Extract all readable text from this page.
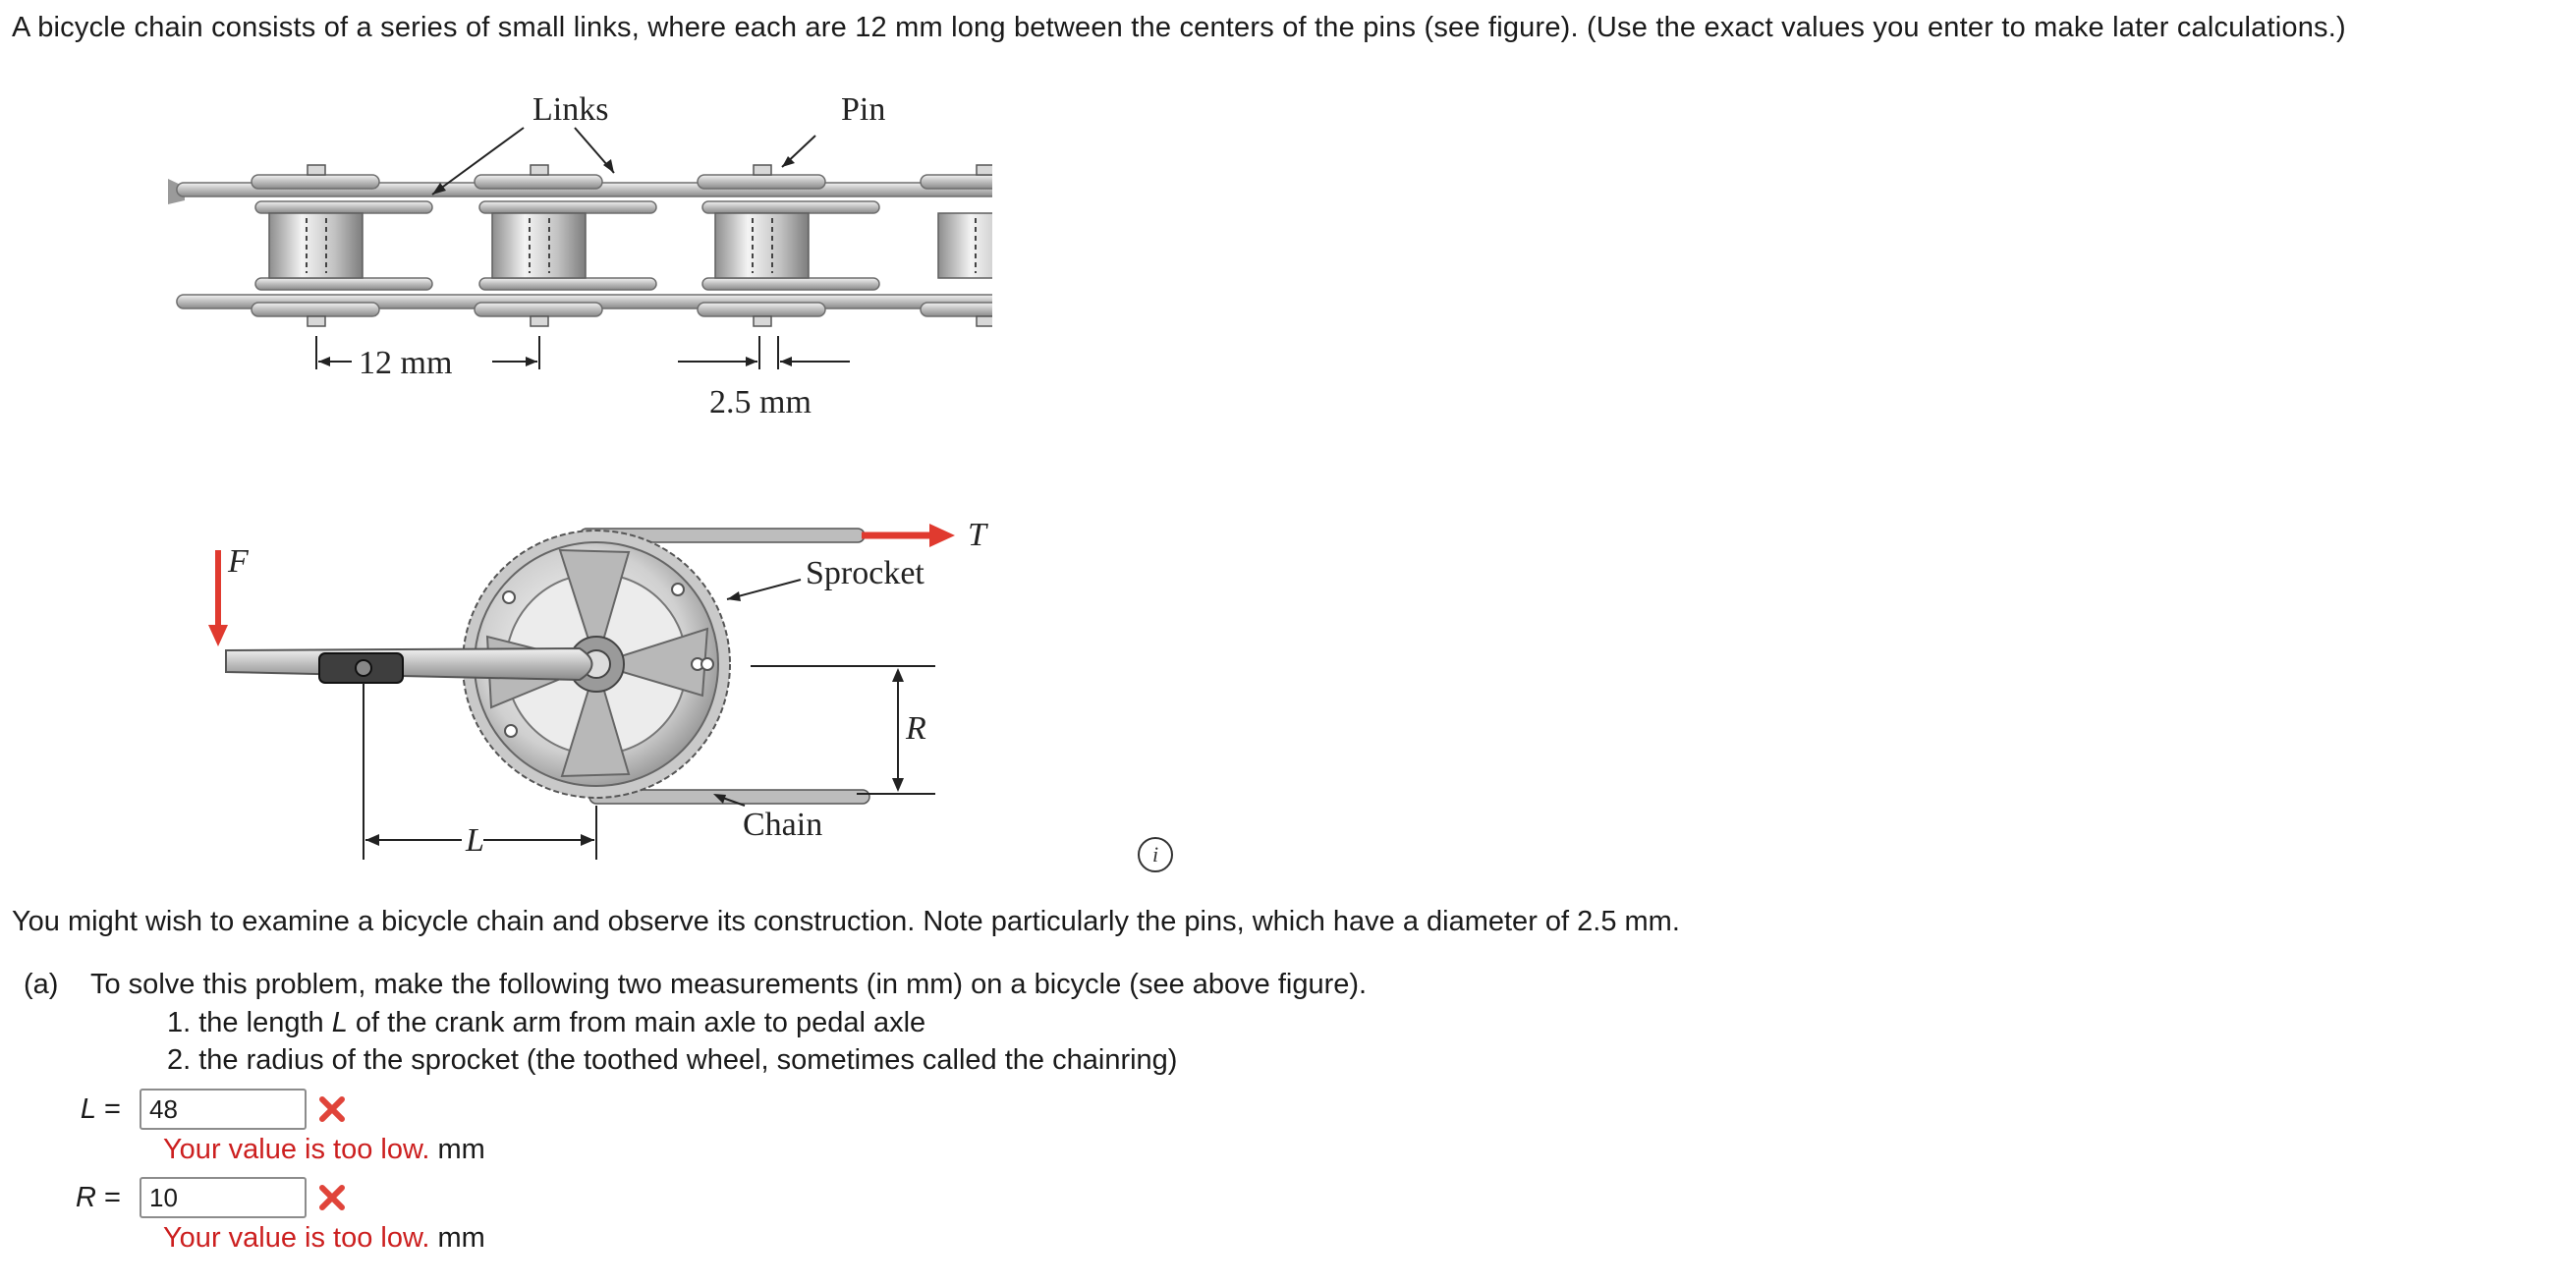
A bicycle chain consists of a series of small links, where each are 12 mm long between the centers of the pins (see figure). (Use the exact values you enter to make later calculations.)
Links	Pin
12 mm
2.5 mm
F
T
Sprocket
R
Chain
L	i
You might wish to examine a bicycle chain and observe its construction. Note particularly the pins, which have a diameter of 2.5 mm.
(a) To solve this problem, make the following two measurements (in mm) on a bicycle (see above figure).
1. the length L of the crank arm from main axle to pedal axle
2. the radius of the sprocket (the toothed wheel, sometimes called the chainring)
L =
48
Your value is too low. mm
R =
10
Your value is too low. mm
